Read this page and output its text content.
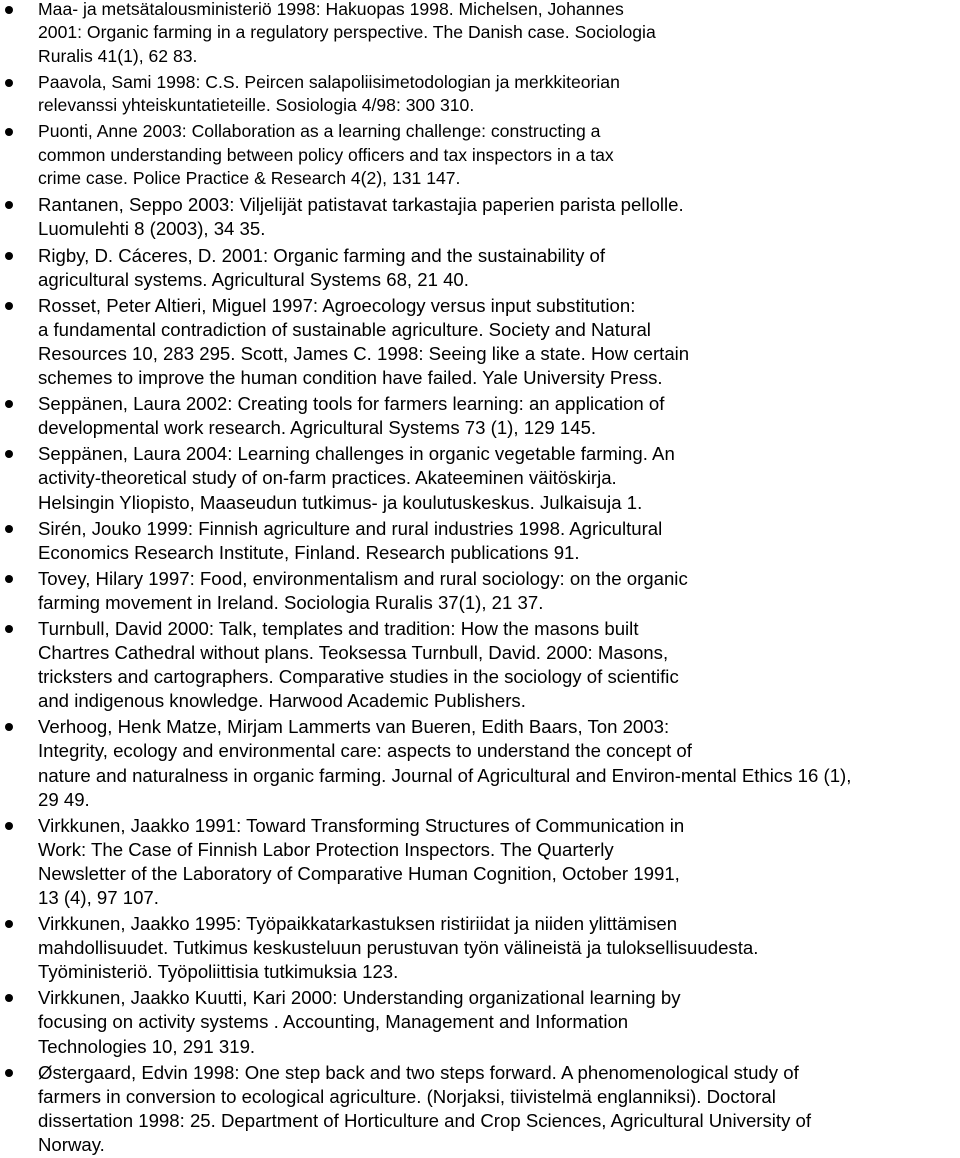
Maa- ja metsätalousministeriö 1998: Hakuopas 1998. Michelsen, Johannes
2001: Organic farming in a regulatory perspective. The Danish case. Sociologia
Ruralis 41(1), 62 83.
Paavola, Sami 1998: C.S. Peircen salapoliisimetodologian ja merkkiteorian
relevanssi yhteiskuntatieteille. Sosiologia 4/98: 300 310.
Puonti, Anne 2003: Collaboration as a learning challenge: constructing a
common understanding between policy officers and tax inspectors in a tax
crime case. Police Practice & Research 4(2), 131 147.
Rantanen, Seppo 2003: Viljelijät patistavat tarkastajia paperien parista pellolle.
Luomulehti 8 (2003), 34 35.
Rigby, D. Cáceres, D. 2001: Organic farming and the sustainability of
agricultural systems. Agricultural Systems 68, 21 40.
Rosset, Peter Altieri, Miguel 1997: Agroecology versus input substitution:
a fundamental contradiction of sustainable agriculture. Society and Natural
Resources 10, 283 295. Scott, James C. 1998: Seeing like a state. How certain
schemes to improve the human condition have failed. Yale University Press.
Seppänen, Laura 2002: Creating tools for farmers learning: an application of
developmental work research. Agricultural Systems 73 (1), 129 145.
Seppänen, Laura 2004: Learning challenges in organic vegetable farming. An
activity-theoretical study of on-farm practices. Akateeminen väitöskirja.
Helsingin Yliopisto, Maaseudun tutkimus- ja koulutuskeskus. Julkaisuja 1.
Sirén, Jouko 1999: Finnish agriculture and rural industries 1998. Agricultural
Economics Research Institute, Finland. Research publications 91.
Tovey, Hilary 1997: Food, environmentalism and rural sociology: on the organic
farming movement in Ireland. Sociologia Ruralis 37(1), 21 37.
Turnbull, David 2000: Talk, templates and tradition: How the masons built
Chartres Cathedral without plans. Teoksessa Turnbull, David. 2000: Masons,
tricksters and cartographers. Comparative studies in the sociology of scientific
and indigenous knowledge. Harwood Academic Publishers.
Verhoog, Henk Matze, Mirjam Lammerts van Bueren, Edith Baars, Ton 2003:
Integrity, ecology and environmental care: aspects to understand the concept of
nature and naturalness in organic farming. Journal of Agricultural and Environ-mental Ethics 16 (1),
29 49.
Virkkunen, Jaakko 1991: Toward Transforming Structures of Communication in
Work: The Case of Finnish Labor Protection Inspectors. The Quarterly
Newsletter of the Laboratory of Comparative Human Cognition, October 1991,
13 (4), 97 107.
Virkkunen, Jaakko 1995: Työpaikkatarkastuksen ristiriidat ja niiden ylittämisen
mahdollisuudet. Tutkimus keskusteluun perustuvan työn välineistä ja tuloksellisuudesta.
Työministeriö. Työpoliittisia tutkimuksia 123.
Virkkunen, Jaakko Kuutti, Kari 2000: Understanding organizational learning by
focusing on activity systems . Accounting, Management and Information
Technologies 10, 291 319.
Østergaard, Edvin 1998: One step back and two steps forward. A phenomenological study of
farmers in conversion to ecological agriculture. (Norjaksi, tiivistelmä englanniksi). Doctoral
dissertation 1998: 25. Department of Horticulture and Crop Sciences, Agricultural University of
Norway.
